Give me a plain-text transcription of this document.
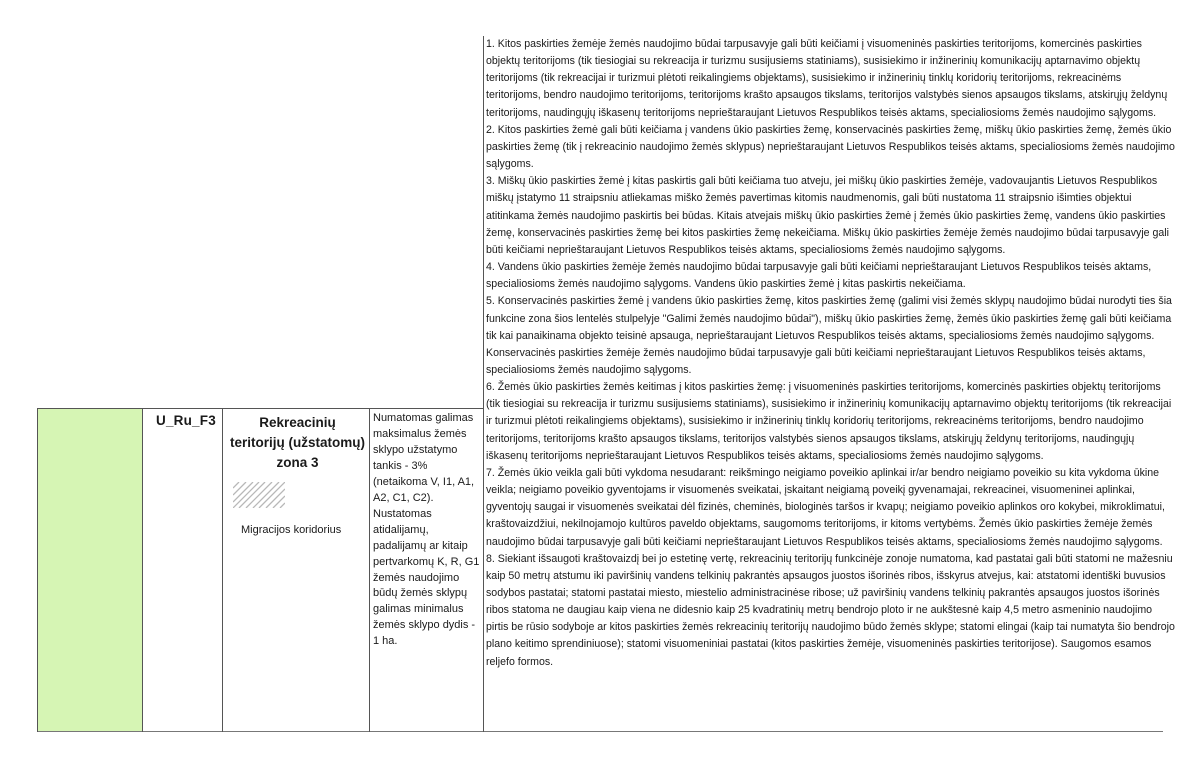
U_Ru_F3	Rekreacinių teritorijų (užstatomų) zona 3
Migracijos koridorius
Numatomas galimas maksimalus žemės sklypo užstatymo tankis - 3% (netaikoma V, I1, A1, A2, C1, C2). Nustatomas atidalijamų, padalijamų ar kitaip pertvarkomų K, R, G1 žemės naudojimo būdų žemės sklypų galimas minimalus žemės sklypo dydis - 1 ha.

1. Kitos paskirties žemėje žemės naudojimo būdai tarpusavyje gali būti keičiami į visuomeninės paskirties teritorijoms, komercinės paskirties objektų teritorijoms (tik tiesiogiai su rekreacija ir turizmu susijusiems statiniams), susisiekimo ir inžinerinių komunikacijų aptarnavimo objektų teritorijoms (tik rekreacijai ir turizmui plėtoti reikalingiems objektams), susisiekimo ir inžinerinių tinklų koridorių teritorijoms, rekreacinėms teritorijoms, bendro naudojimo teritorijoms, teritorijoms krašto apsaugos tikslams, teritorijos valstybės sienos apsaugos tikslams, atskirųjų želdynų teritorijoms, naudingųjų iškasenų teritorijoms neprieštaraujant Lietuvos Respublikos teisės aktams, specialiosioms žemės naudojimo sąlygoms.

2. Kitos paskirties žemė gali būti keičiama į vandens ūkio paskirties žemę, konservacinės paskirties žemę, miškų ūkio paskirties žemę, žemės ūkio paskirties žemę (tik į rekreacinio naudojimo žemės sklypus) neprieštaraujant Lietuvos Respublikos teisės aktams, specialiosioms žemės naudojimo sąlygoms.

3. Miškų ūkio paskirties žemė į kitas paskirtis gali būti keičiama tuo atveju, jei miškų ūkio paskirties žemėje, vadovaujantis Lietuvos Respublikos miškų įstatymo 11 straipsniu atliekamas miško žemės pavertimas kitomis naudmenomis, gali būti nustatoma 11 straipsnio išimties objektui atitinkama žemės naudojimo paskirtis bei būdas. Kitais atvejais miškų ūkio paskirties žemė į žemės ūkio paskirties žemę, vandens ūkio paskirties žemę, konservacinės paskirties žemę bei kitos paskirties žemę nekeičiama. Miškų ūkio paskirties žemėje žemės naudojimo būdai tarpusavyje gali būti keičiami neprieštaraujant Lietuvos Respublikos teisės aktams, specialiosioms žemės naudojimo sąlygoms.

4. Vandens ūkio paskirties žemėje žemės naudojimo būdai tarpusavyje gali būti keičiami neprieštaraujant Lietuvos Respublikos teisės aktams, specialiosioms žemės naudojimo sąlygoms. Vandens ūkio paskirties žemė į kitas paskirtis nekeičiama.

5. Konservacinės paskirties žemė į vandens ūkio paskirties žemę, kitos paskirties žemę (galimi visi žemės sklypų naudojimo būdai nurodyti ties šia funkcine zona šios lentelės stulpelyje "Galimi žemės naudojimo būdai"), miškų ūkio paskirties žemę, žemės ūkio paskirties žemę gali būti keičiama tik kai panaikinama objekto teisinė apsauga, neprieštaraujant Lietuvos Respublikos teisės aktams, specialiosioms žemės naudojimo sąlygoms. Konservacinės paskirties žemėje žemės naudojimo būdai tarpusavyje gali būti keičiami neprieštaraujant Lietuvos Respublikos teisės aktams, specialiosioms žemės naudojimo sąlygoms.

6. Žemės ūkio paskirties žemės keitimas į kitos paskirties žemę: į visuomeninės paskirties teritorijoms, komercinės paskirties objektų teritorijoms (tik tiesiogiai su rekreacija ir turizmu susijusiems statiniams), susisiekimo ir inžinerinių komunikacijų aptarnavimo objektų teritorijoms (tik rekreacijai ir turizmui plėtoti reikalingiems objektams), susisiekimo ir inžinerinių tinklų koridorių teritorijoms, rekreacinėms teritorijoms, bendro naudojimo teritorijoms, teritorijoms krašto apsaugos tikslams, teritorijos valstybės sienos apsaugos tikslams, atskirųjų želdynų teritorijoms, naudingųjų iškasenų teritorijoms neprieštaraujant Lietuvos Respublikos teisės aktams, specialiosioms žemės naudojimo sąlygoms.

7. Žemės ūkio veikla gali būti vykdoma nesudarant: reikšmingo neigiamo poveikio aplinkai ir/ar bendro neigiamo poveikio su kita vykdoma ūkine veikla; neigiamo poveikio gyventojams ir visuomenės sveikatai, įskaitant neigiamą poveikį gyvenamajai, rekreacinei, visuomeninei aplinkai, gyventojų saugai ir visuomenės sveikatai dėl fizinės, cheminės, biologinės taršos ir kvapų; neigiamo poveikio aplinkos oro kokybei, mikroklimatui, kraštovaizdžiui, nekilnojamojo kultūros paveldo objektams, saugomoms teritorijoms, ir kitoms vertybėms. Žemės ūkio paskirties žemėje žemės naudojimo būdai tarpusavyje gali būti keičiami neprieštaraujant Lietuvos Respublikos teisės aktams, specialiosioms žemės naudojimo sąlygoms.

8. Siekiant išsaugoti kraštovaizdį bei jo estetinę vertę, rekreacinių teritorijų funkcinėje zonoje numatoma, kad pastatai gali būti statomi ne mažesniu kaip 50 metrų atstumu iki paviršinių vandens telkinių pakrantės apsaugos juostos išorinės ribos, išskyrus atvejus, kai: atstatomi identiški buvusios sodybos pastatai; statomi pastatai miesto, miestelio administracinėse ribose; už paviršinių vandens telkinių pakrantės apsaugos juostos išorinės ribos statoma ne daugiau kaip viena ne didesnio kaip 25 kvadratinių metrų bendrojo ploto ir ne aukštesnė kaip 4,5 metro asmeninio naudojimo pirtis be rūsio sodyboje ar kitos paskirties žemės rekreacinių teritorijų naudojimo būdo žemės sklype; statomi elingai (kaip tai numatyta šio bendrojo plano keitimo sprendiniuose); statomi visuomeniniai pastatai (kitos paskirties žemėje, visuomeninės paskirties teritorijose). Saugomos esamos reljefo formos.
